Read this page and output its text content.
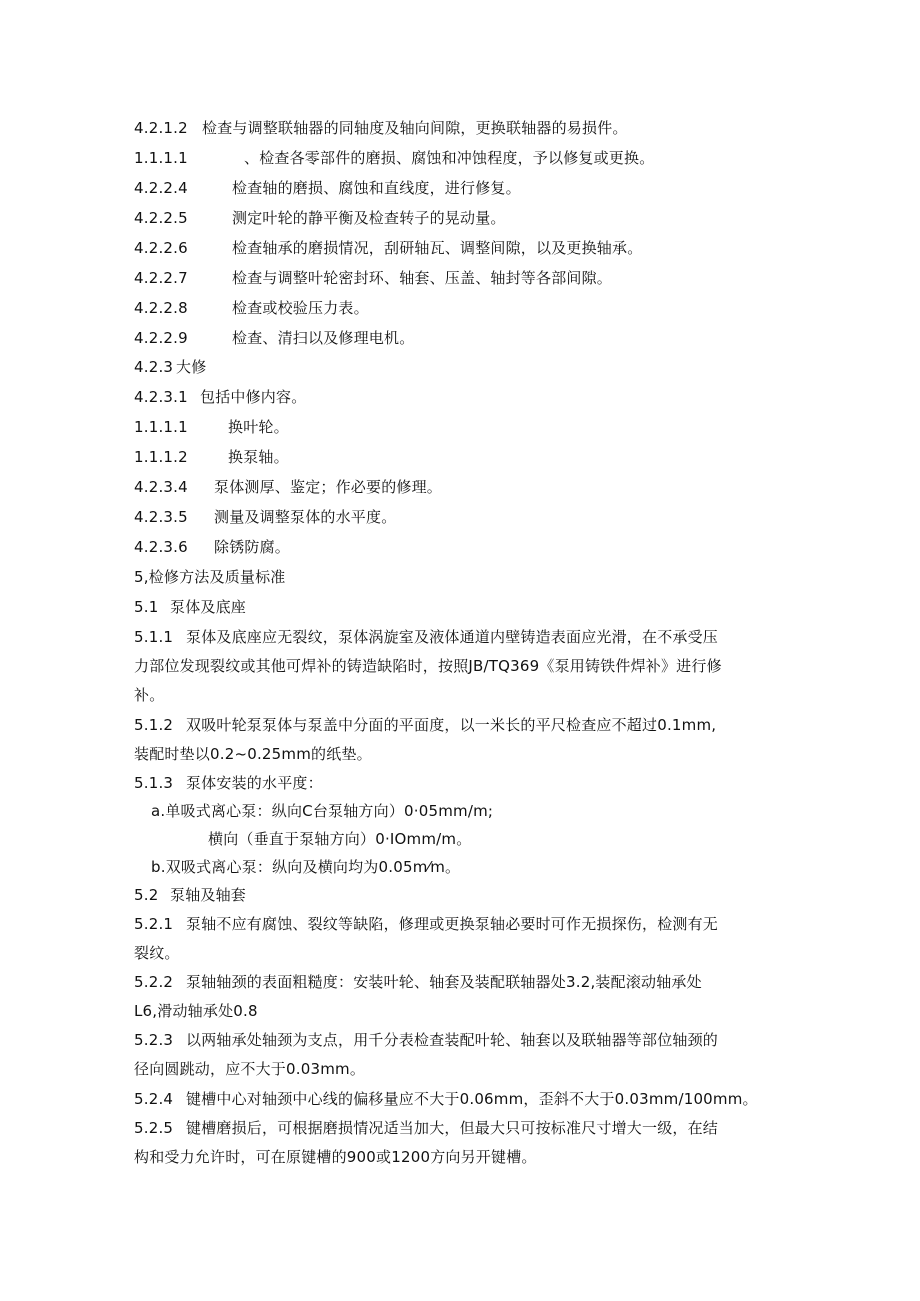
4.2.1.2 检查与调整联轴器的同轴度及轴向间隙，更换联轴器的易损件。
1.1.1.1	、检查各零部件的磨损、腐蚀和冲蚀程度，予以修复或更换。
4.2.2.4	检查轴的磨损、腐蚀和直线度，进行修复。
4.2.2.5	测定叶轮的静平衡及检查转子的晃动量。
4.2.2.6	检查轴承的磨损情况，刮研轴瓦、调整间隙，以及更换轴承。
4.2.2.7	检查与调整叶轮密封环、轴套、压盖、轴封等各部间隙。
4.2.2.8	检查或校验压力表。
4.2.2.9	检查、清扫以及修理电机。
4.2.3 大修
4.2.3.1 包括中修内容。
1.1.1.1	换叶轮。
1.1.1.2	换泵轴。
4.2.3.4 泵体测厚、鉴定；作必要的修理。
4.2.3.5 测量及调整泵体的水平度。
4.2.3.6 除锈防腐。
5,检修方法及质量标准
5.1 泵体及底座
5.1.1 泵体及底座应无裂纹，泵体涡旋室及液体通道内壁铸造表面应光滑，在不承受压
力部位发现裂纹或其他可焊补的铸造缺陷时，按照JB/TQ369《泵用铸铁件焊补》进行修
补。
5.1.2 双吸叶轮泵泵体与泵盖中分面的平面度，以一米长的平尺检查应不超过0.1mm,
装配时垫以0.2~0.25mm的纸垫。
5.1.3 泵体安装的水平度：
a.单吸式离心泵：纵向C台泵轴方向）0·05mm/m;
横向（垂直于泵轴方向）0·IOmm/m。
b.双吸式离心泵：纵向及横向均为0.05m⁄m。
5.2 泵轴及轴套
5.2.1 泵轴不应有腐蚀、裂纹等缺陷，修理或更换泵轴必要时可作无损探伤，检测有无
裂纹。
5.2.2 泵轴轴颈的表面粗糙度：安装叶轮、轴套及装配联轴器处3.2,装配滚动轴承处
L6,滑动轴承处0.8
5.2.3 以两轴承处轴颈为支点，用千分表检查装配叶轮、轴套以及联轴器等部位轴颈的
径向圆跳动，应不大于0.03mm。
5.2.4 键槽中心对轴颈中心线的偏移量应不大于0.06mm，歪斜不大于0.03mm/100mm。
5.2.5 键槽磨损后，可根据磨损情况适当加大，但最大只可按标准尺寸增大一级，在结
构和受力允许时，可在原键槽的900或1200方向另开键槽。
